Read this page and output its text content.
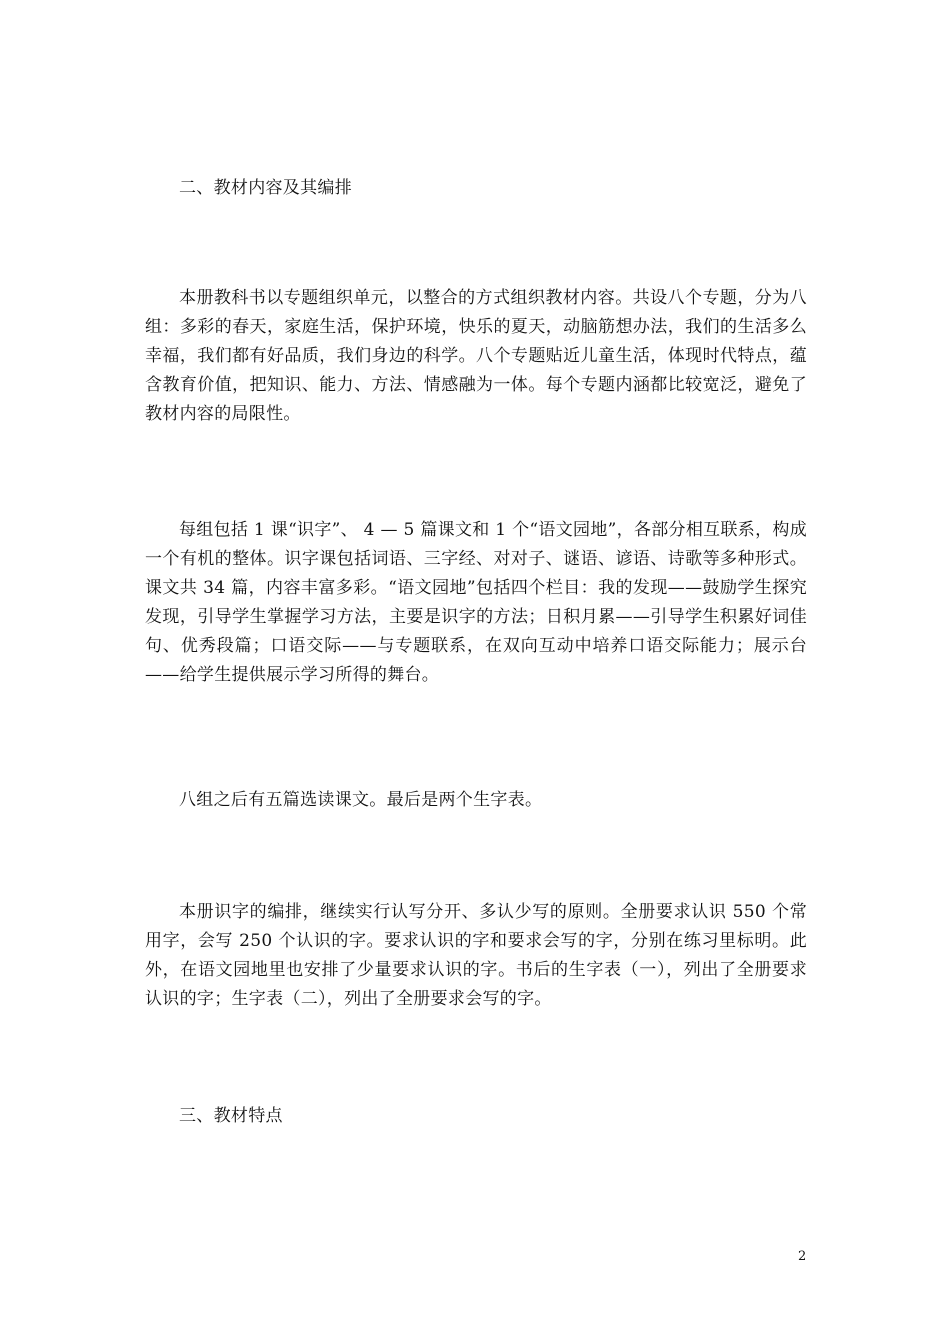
二、教材内容及其编排
本册教科书以专题组织单元，以整合的方式组织教材内容。共设八个专题，分为八组：多彩的春天，家庭生活，保护环境，快乐的夏天，动脑筋想办法，我们的生活多么幸福，我们都有好品质，我们身边的科学。八个专题贴近儿童生活，体现时代特点，蕴含教育价值，把知识、能力、方法、情感融为一体。每个专题内涵都比较宽泛，避免了教材内容的局限性。
每组包括 1 课“识字”、 4 — 5 篇课文和 1 个“语文园地”，各部分相互联系，构成一个有机的整体。识字课包括词语、三字经、对对子、谜语、谚语、诗歌等多种形式。课文共 34 篇，内容丰富多彩。“语文园地”包括四个栏目：我的发现——鼓励学生探究发现，引导学生掌握学习方法，主要是识字的方法；日积月累——引导学生积累好词佳句、优秀段篇；口语交际——与专题联系，在双向互动中培养口语交际能力；展示台——给学生提供展示学习所得的舞台。
八组之后有五篇选读课文。最后是两个生字表。
本册识字的编排，继续实行认写分开、多认少写的原则。全册要求认识 550 个常用字，会写 250 个认识的字。要求认识的字和要求会写的字，分别在练习里标明。此外，在语文园地里也安排了少量要求认识的字。书后的生字表（一），列出了全册要求认识的字；生字表（二），列出了全册要求会写的字。
三、教材特点
2
